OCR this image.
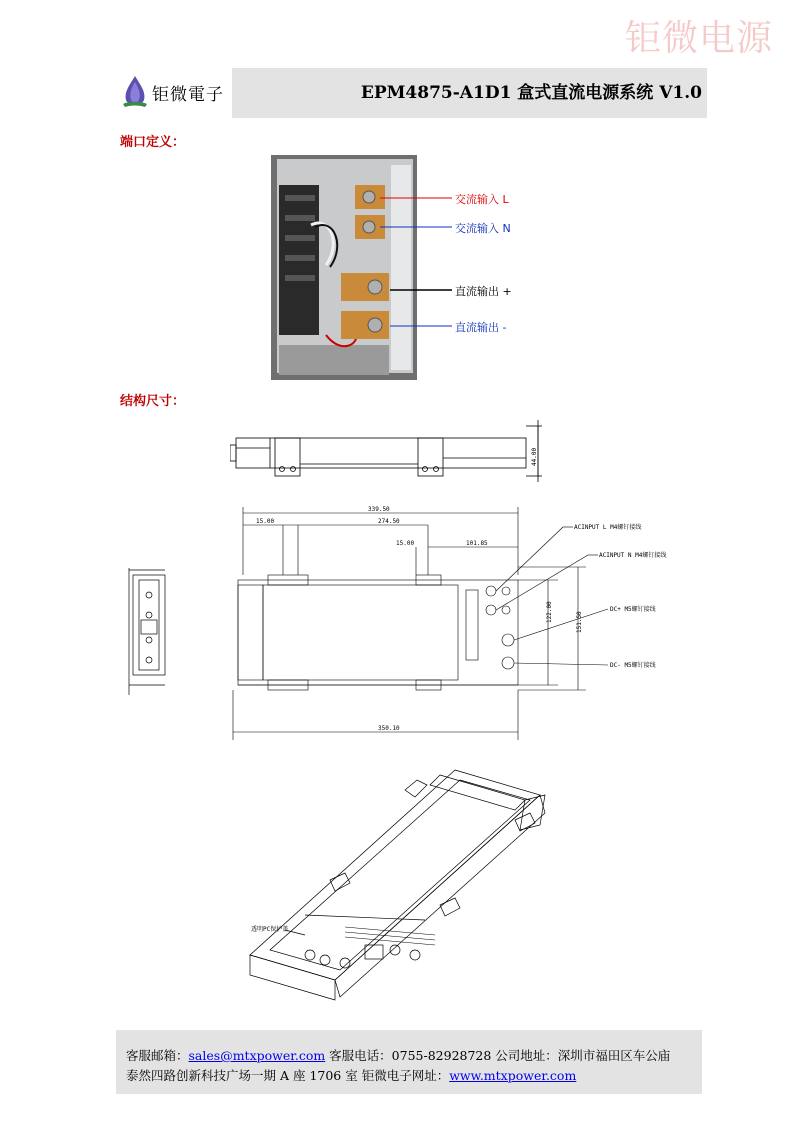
钜微电源
钜微電子	EPM4875-A1D1 盒式直流电源系统 V1.0
端口定义：
交流输入 L
交流输入 N
直流输出 +
直流输出 -
结构尺寸：
44.00
339.50
15.00	274.50
15.00	101.85
122.00	151.50
350.10
ACINPUT L M4螺钉接线
ACINPUT N M4螺钉接线
DC+ M5螺钉接线
DC- M5螺钉接线
透明PC保护盖
客服邮箱：sales@mtxpower.com 客服电话：0755-82928728 公司地址：深圳市福田区车公庙
泰然四路创新科技广场一期 A 座 1706 室 钜微电子网址：www.mtxpower.com
